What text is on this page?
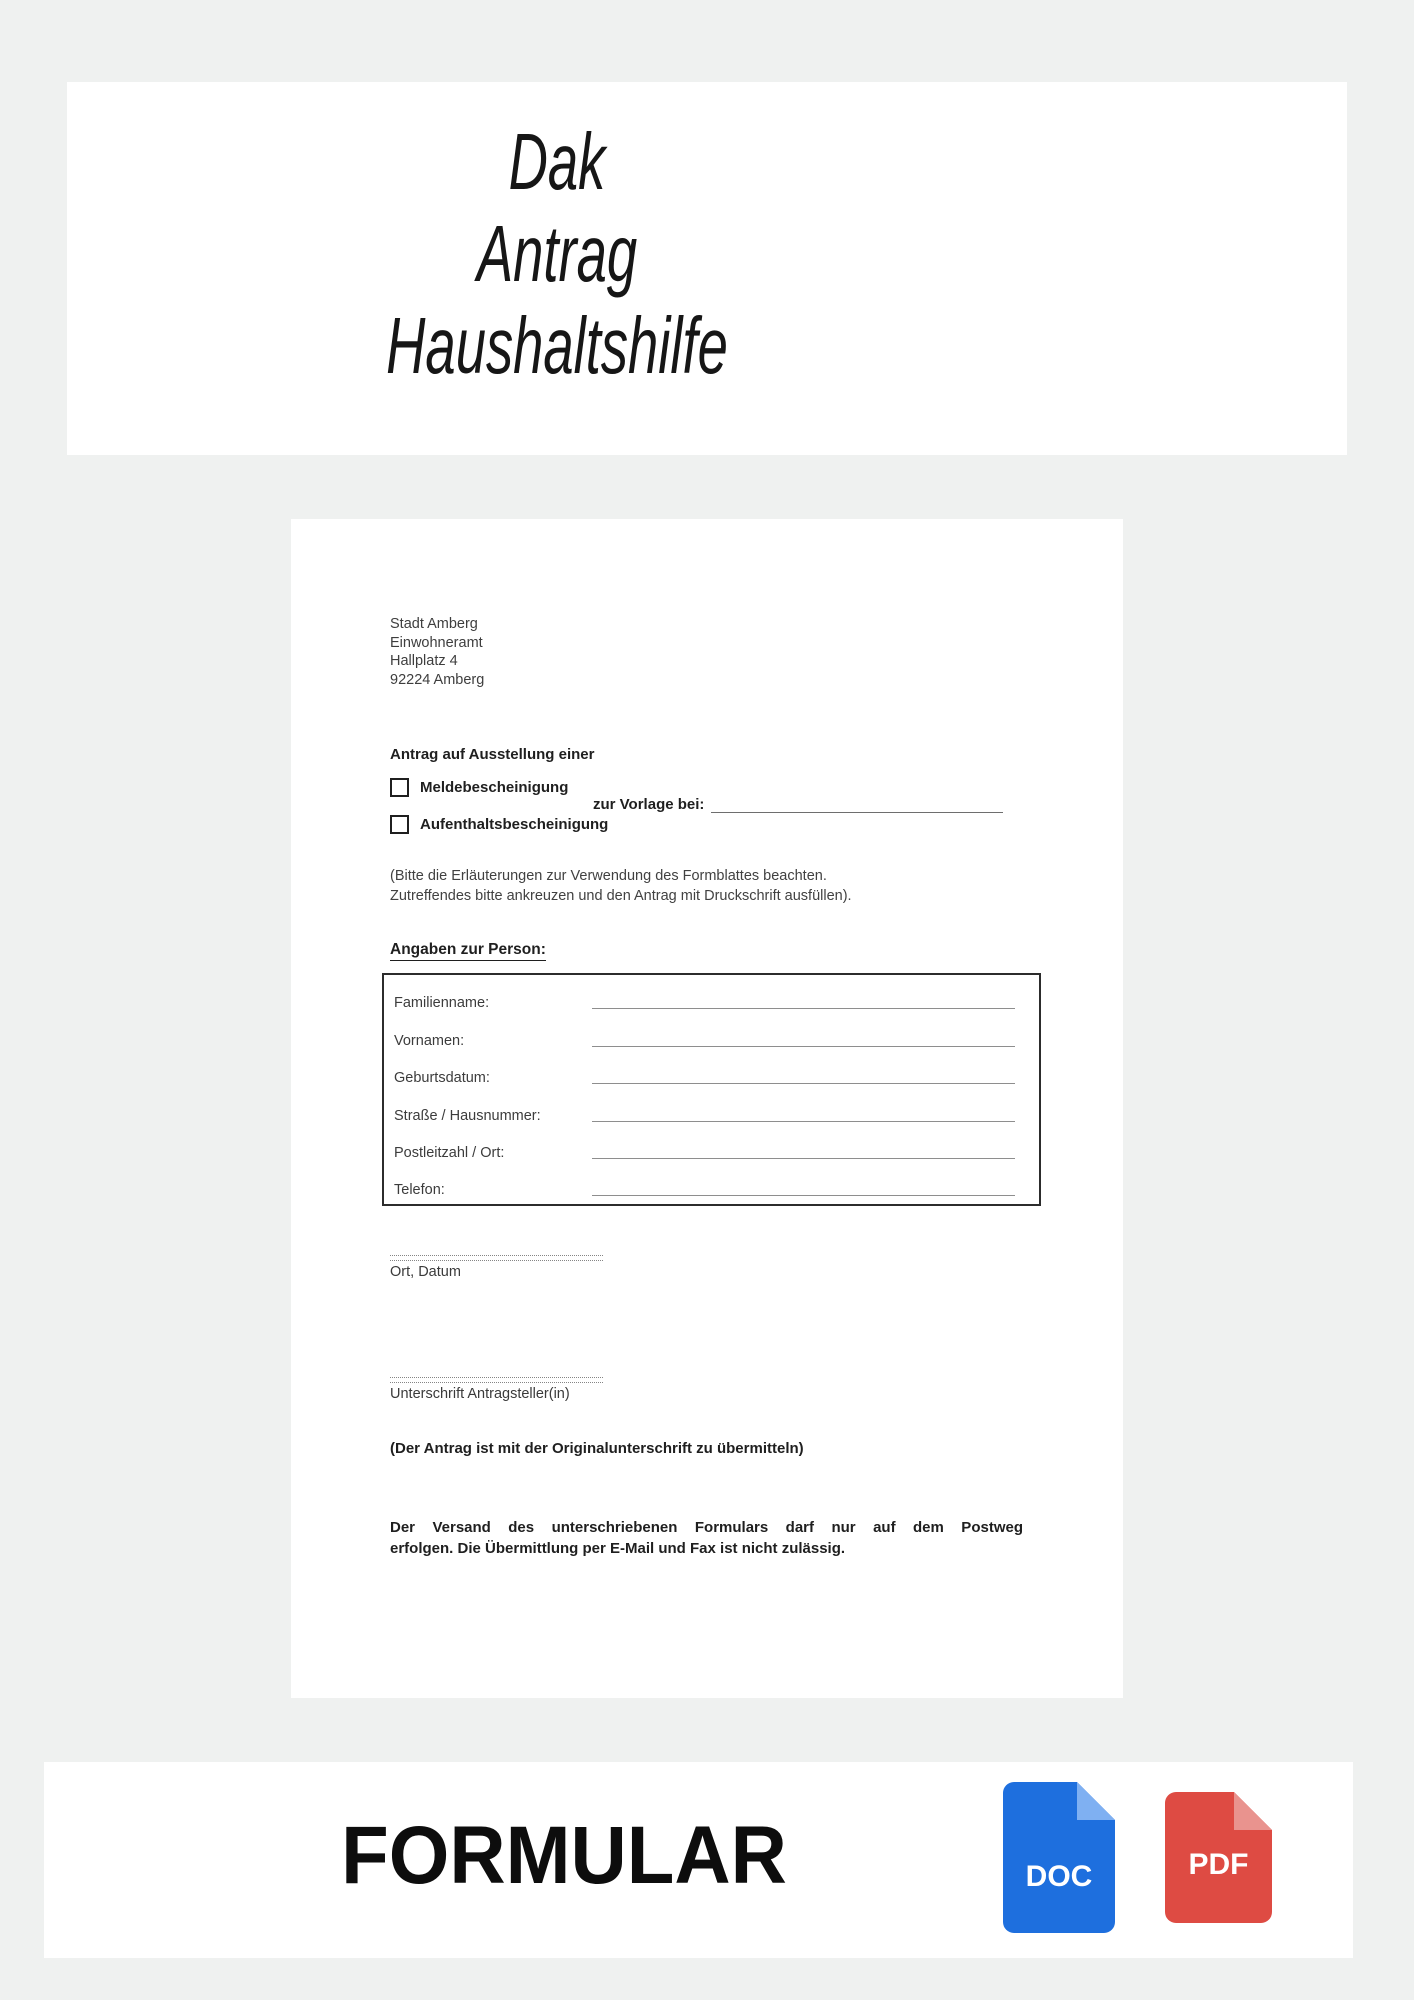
Dak
Antrag
Haushaltshilfe
Stadt Amberg
Einwohneramt
Hallplatz 4
92224 Amberg
Antrag auf Ausstellung einer
Meldebescheinigung
zur Vorlage bei:
Aufenthaltsbescheinigung
(Bitte die Erläuterungen zur Verwendung des Formblattes beachten.
Zutreffendes bitte ankreuzen und den Antrag mit Druckschrift ausfüllen).
Angaben zur Person:
Familienname:
Vornamen:
Geburtsdatum:
Straße / Hausnummer:
Postleitzahl / Ort:
Telefon:
Ort, Datum
Unterschrift Antragsteller(in)
(Der Antrag ist mit der Originalunterschrift zu übermitteln)
Der Versand des unterschriebenen Formulars darf nur auf dem Postweg
erfolgen. Die Übermittlung per E-Mail und Fax ist nicht zulässig.
FORMULAR	DOC	PDF
